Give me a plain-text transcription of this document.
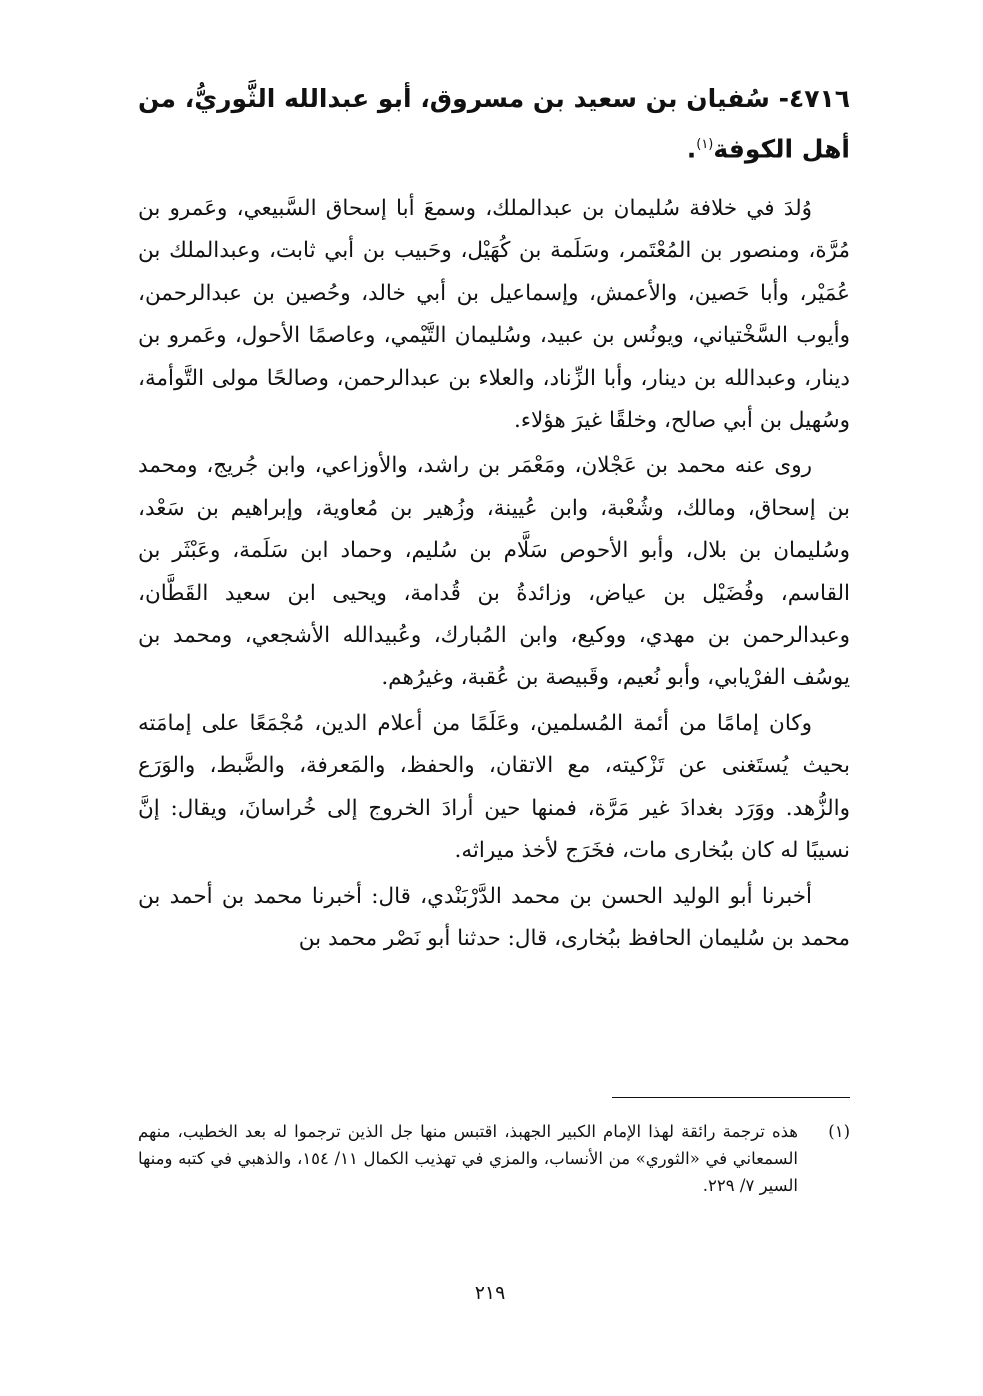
٤٧١٦- سُفيان بن سعيد بن مسروق، أبو عبدالله الثَّوريُّ، من أهل الكوفة$^{(١)}$.

وُلدَ في خلافة سُليمان بن عبدالملك، وسمعَ أبا إسحاق السَّبيعي، وعَمرو بن مُرَّة، ومنصور بن المُعْتَمر، وسَلَمة بن كُهَيْل، وحَبيب بن أبي ثابت، وعبدالملك بن عُمَيْر، وأبا حَصين، والأعمش، وإسماعيل بن أبي خالد، وحُصين بن عبدالرحمن، وأيوب السَّخْتياني، ويونُس بن عبيد، وسُليمان التَّيْمي، وعاصمًا الأحول، وعَمرو بن دينار، وعبدالله بن دينار، وأبا الزِّناد، والعلاء بن عبدالرحمن، وصالحًا مولى التَّوأمة، وسُهيل بن أبي صالح، وخلقًا غيرَ هؤلاء.

روى عنه محمد بن عَجْلان، ومَعْمَر بن راشد، والأوزاعي، وابن جُريج، ومحمد بن إسحاق، ومالك، وشُعْبة، وابن عُيينة، وزُهير بن مُعاوية، وإبراهيم بن سَعْد، وسُليمان بن بلال، وأبو الأحوص سَلَّام بن سُليم، وحماد ابن سَلَمة، وعَبْثَر بن القاسم، وفُضَيْل بن عياض، وزائدةُ بن قُدامة، ويحيى ابن سعيد القَطَّان، وعبدالرحمن بن مهدي، ووكيع، وابن المُبارك، وعُبيدالله الأشجعي، ومحمد بن يوسُف الفرْيابي، وأبو نُعيم، وقَبيصة بن عُقبة، وغيرُهم.

وكان إمامًا من أئمة المُسلمين، وعَلَمًا من أعلام الدين، مُجْمَعًا على إمامَته بحيث يُستَغنى عن تَزْكيته، مع الاتقان، والحفظ، والمَعرفة، والضَّبط، والوَرَع والزُّهد. ووَرَد بغدادَ غير مَرَّة، فمنها حين أرادَ الخروج إلى خُراسانَ، ويقال: إنَّ نسيبًا له كان ببُخارى مات، فخَرَج لأخذ ميراثه.

أخبرنا أبو الوليد الحسن بن محمد الدَّرْبَنْدي، قال: أخبرنا محمد بن أحمد بن محمد بن سُليمان الحافظ ببُخارى، قال: حدثنا أبو نَصْر محمد بن

(١)
هذه ترجمة رائقة لهذا الإمام الكبير الجهبذ، اقتبس منها جل الذين ترجموا له بعد الخطيب، منهم السمعاني في «الثوري» من الأنساب، والمزي في تهذيب الكمال ١١/ ١٥٤، والذهبي في كتبه ومنها السير ٧/ ٢٢٩.
٢١٩
